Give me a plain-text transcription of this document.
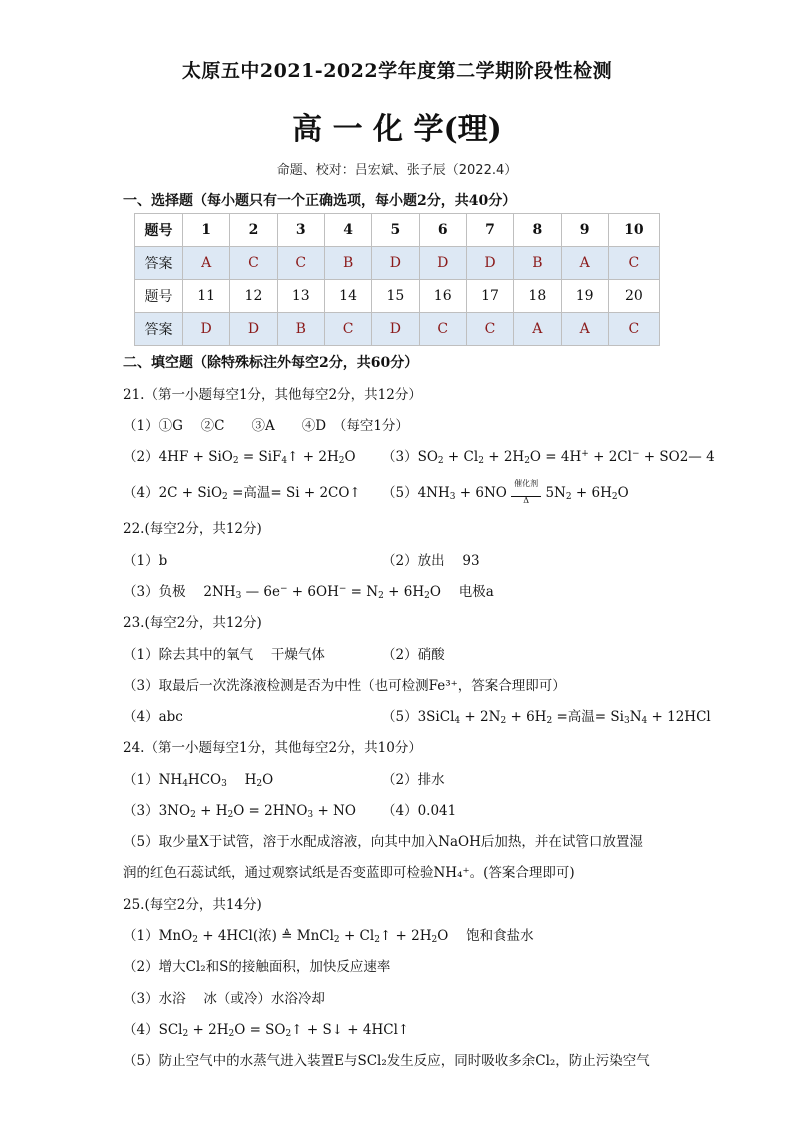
太原五中2021-2022学年度第二学期阶段性检测
高 一 化 学(理)
命题、校对：吕宏斌、张子辰（2022.4）
一、选择题（每小题只有一个正确选项，每小题2分，共40分）
题号	1	2	3	4	5	6	7	8	9	10
答案	A	C	C	B	D	D	D	B	A	C
题号	11	12	13	14	15	16	17	18	19	20
答案	D	D	B	C	D	C	C	A	A	C
二、填空题（除特殊标注外每空2分，共60分）
21.（第一小题每空1分，其他每空2分，共12分）
（1）①G　 ②C　　③A　　④D　（每空1分）
（2）4HF + SiO$_2$ = SiF$_4$↑ + $2H_2O$ $(3)SO_2 + Cl_2 + 2H_2O = 4H^+ + 2Cl^-$ + SO2— 4
（4）2C + SiO$_2$ =高温= Si + 2CO↑ $(5)4NH_3 + 6NO$
催化剂
Δ $5N_2 + 6H_2O$
22.(每空2分，共12分)
（1）b	（2）放出　 93
（3）负极　 $2NH_3$ — $6e^- + 6OH^- = N_2 + 6H_2O$　 电极a
23.(每空2分，共12分)
（1）除去其中的氧气　 干燥气体	（2）硝酸
（3）取最后一次洗涤液检测是否为中性（也可检测Fe³⁺，答案合理即可）
（4）abc	（5）3SiCl$_4$ + $2N_2 + 6H_2$ =高温= $Si_3N_4 + 12HCl$
24.（第一小题每空1分，其他每空2分，共10分）
$(1)NH_4HCO_3$　 $H_2O$	（2）排水
$(3)3NO_2 + H_2O = 2HNO_3$ + NO （4）0.041
（5）取少量X于试管，溶于水配成溶液，向其中加入NaOH后加热，并在试管口放置湿
润的红色石蕊试纸，通过观察试纸是否变蓝即可检验NH₄⁺。(答案合理即可)
25.(每空2分，共14分)
（1）MnO$_2$ + 4HCl(浓) ≜ MnCl$_2$ + $Cl_2↑ + 2H_2O$　 饱和食盐水
（2）增大Cl₂和S的接触面积，加快反应速率
（3）水浴　 冰（或冷）水浴冷却
$(4)SCl_2 + 2H_2O$ = $SO_2↑$ + S↓ + 4HCl↑
（5）防止空气中的水蒸气进入装置E与SCl₂发生反应，同时吸收多余Cl₂，防止污染空气
